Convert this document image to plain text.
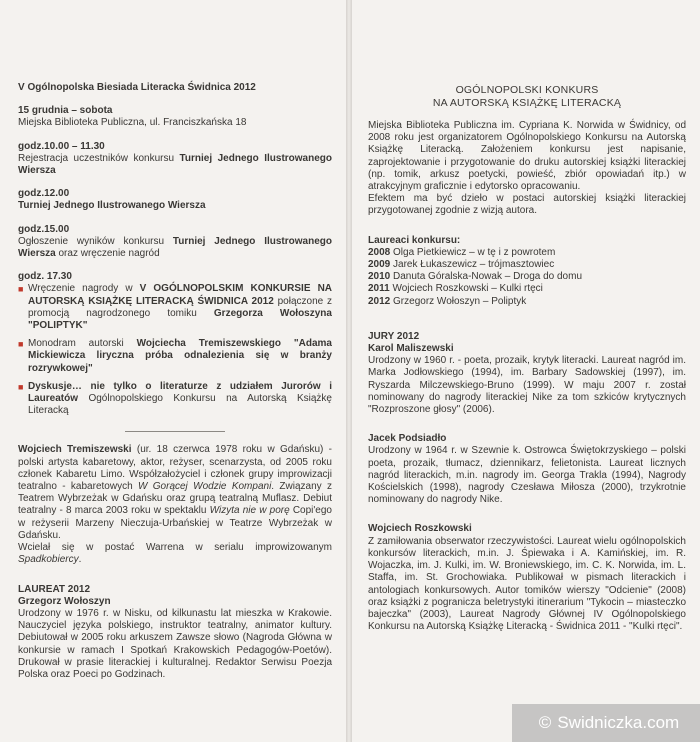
V Ogólnopolska Biesiada Literacka Świdnica 2012

15 grudnia – sobota

Miejska Biblioteka Publiczna, ul. Franciszkańska 18

godz.10.00 – 11.30

Rejestracja uczestników konkursu Turniej Jednego Ilustrowanego Wiersza

godz.12.00

Turniej Jednego Ilustrowanego Wiersza

godz.15.00

Ogłoszenie wyników konkursu Turniej Jednego Ilustrowanego Wiersza oraz wręczenie nagród

godz. 17.30

■ Wręczenie nagrody w V OGÓLNOPOLSKIM KONKURSIE NA AUTORSKĄ KSIĄŻKĘ LITERACKĄ ŚWIDNICA 2012 połączone z promocją nagrodzonego tomiku Grzegorza Wołoszyna "POLIPTYK"
■ Monodram autorski Wojciecha Tremiszewskiego "Adama Mickiewicza liryczna próba odnalezienia się w branży rozrywkowej"
■ Dyskusje… nie tylko o literaturze z udziałem Jurorów i Laureatów Ogólnopolskiego Konkursu na Autorską Książkę Literacką

Wojciech Tremiszewski (ur. 18 czerwca 1978 roku w Gdańsku) - polski artysta kabaretowy, aktor, reżyser, scenarzysta, od 2005 roku członek Kabaretu Limo. Współzałożyciel i członek grupy improwizacji teatralno - kabaretowych W Gorącej Wodzie Kompani. Związany z Teatrem Wybrzeżak w Gdańsku oraz grupą teatralną Muflasz. Debiut teatralny - 8 marca 2003 roku w spektaklu Wizyta nie w porę Copi'ego w reżyserii Marzeny Nieczuja-Urbańskiej w Teatrze Wybrzeżak w Gdańsku.

Wcielał się w postać Warrena w serialu improwizowanym Spadkobiercy.

LAUREAT 2012

Grzegorz Wołoszyn

Urodzony w 1976 r. w Nisku, od kilkunastu lat mieszka w Krakowie. Nauczyciel języka polskiego, instruktor teatralny, animator kultury. Debiutował w 2005 roku arkuszem Zawsze słowo (Nagroda Główna w konkursie w ramach I Spotkań Krakowskich Pedagogów-Poetów). Drukował w prasie literackiej i kulturalnej. Redaktor Serwisu Poezja Polska oraz Poeci po Godzinach.

OGÓLNOPOLSKI KONKURS
NA AUTORSKĄ KSIĄŻKĘ LITERACKĄ

Miejska Biblioteka Publiczna im. Cypriana K. Norwida w Świdnicy, od 2008 roku jest organizatorem Ogólnopolskiego Konkursu na Autorską Książkę Literacką. Założeniem konkursu jest napisanie, zaprojektowanie i przygotowanie do druku autorskiej książki literackiej (np. tomik, arkusz poetycki, powieść, zbiór opowiadań itp.) w atrakcyjnym graficznie i edytorsko opracowaniu.

Efektem ma być dzieło w postaci autorskiej książki literackiej przygotowanej zgodnie z wizją autora.

Laureaci konkursu:

2008 Olga Pietkiewicz – w tę i z powrotem
2009 Jarek Łukaszewicz – trójmasztowiec
2010 Danuta Góralska-Nowak – Droga do domu
2011 Wojciech Roszkowski – Kulki rtęci
2012 Grzegorz Wołoszyn – Poliptyk

JURY 2012

Karol Maliszewski

Urodzony w 1960 r. - poeta, prozaik, krytyk literacki. Laureat nagród im. Marka Jodłowskiego (1994), im. Barbary Sadowskiej (1997), im. Ryszarda Milczewskiego-Bruno (1999). W maju 2007 r. został nominowany do nagrody literackiej Nike za tom szkiców krytycznych "Rozproszone głosy" (2006).

Jacek Podsiadło

Urodzony w 1964 r. w Szewnie k. Ostrowca Świętokrzyskiego – polski poeta, prozaik, tłumacz, dziennikarz, felietonista. Laureat licznych nagród literackich, m.in. nagrody im. Georga Trakla (1994), Nagrody Kościelskich (1998), nagrody Czesława Miłosza (2000), trzykrotnie nominowany do nagrody Nike.

Wojciech Roszkowski

Z zamiłowania obserwator rzeczywistości. Laureat wielu ogólnopolskich konkursów literackich, m.in. J. Śpiewaka i A. Kamińskiej, im. R. Wojaczka, im. J. Kulki, im. W. Broniewskiego, im. C. K. Norwida, im. L. Staffa, im. St. Grochowiaka. Publikował w pismach literackich i antologiach konkursowych. Autor tomików wierszy "Odcienie" (2008) oraz książki z pogranicza beletrystyki itinerarium "Tykocin – miasteczko bajeczka" (2003), Laureat Nagrody Głównej IV Ogólnopolskiego Konkursu na Autorską Książkę Literacką - Świdnica 2011 - "Kulki rtęci".

© Swidniczka.com
